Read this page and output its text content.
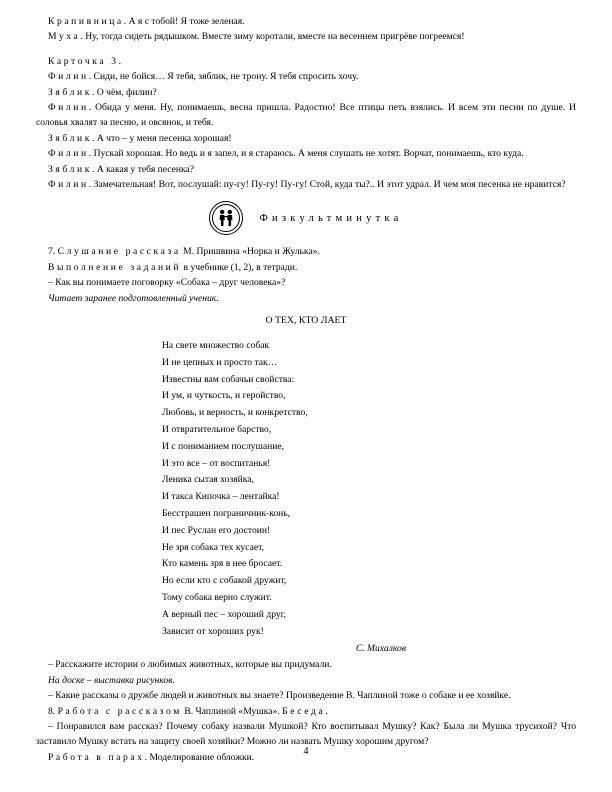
Крапивница. А я с тобой! Я тоже зеленая.

Муха. Ну, тогда сидеть рядышком. Вместе зиму коротали, вместе на весеннем пригрёве погреемся!

Карточка 3.

Филин. Сиди, не бойся… Я тебя, зяблик, не трону. Я тебя спросить хочу.

Зяблик. О чём, филин?

Филин. Обида у меня. Ну, понимаешь, весна пришла. Радостно! Все птицы петь взялись. И всем эти песни по душе. И соловья хвалят за песню, и овсянок, и тебя.

Зяблик. А что – у меня песенка хорошая!

Филин. Пускай хорошая. Но ведь и я запел, и я стараюсь. А меня слушать не хотят. Ворчат, понимаешь, кто куда.

Зяблик. А какая у тебя песенка?

Филин. Замечательная! Вот, послушай: пу-гу! Пу-гу! Пу-гу! Стой, куда ты?.. И этот удрал. И чем моя песенка не нравится?

Физкультминутка

7. Слушание рассказа М. Пришвина «Норка и Жулька».

Выполнение заданий в учебнике (1, 2), в тетради.

– Как вы понимаете поговорку «Собака – друг человека»?

Читает заранее подготовленный ученик.

О ТЕХ, КТО ЛАЕТ

На свете множество собак

И не цепных и просто так…

Известны вам собачьи свойства:

И ум, и чуткость, и геройство,

Любовь, и верность, и конкретство,

И отвратительное барство,

И с пониманием послушание,

И это все – от воспитанья!

Леника сытая хозяйка,

И такса Кипочка – лентайка!

Бесстрашен пограничник-конь,

И пес Руслан его достоин!

Не зря собака тех кусает,

Кто камень зря в нее бросает.

Но если кто с собакой дружит,

Тому собака верно служит.

А верный пес – хороший друг,

Зависит от хороших рук!

С. Михалков

– Расскажите истории о любимых животных, которые вы придумали.

На доске – выставка рисунков.

– Какие рассказы о дружбе людей и животных вы знаете? Произведение В. Чаплиной тоже о собаке и ее хозяйке.

8. Работа с рассказом В. Чаплиной «Мушка». Беседа.

– Понравился вам рассказ? Почему собаку назвали Мушкой? Кто воспитывал Мушку? Как? Была ли Мушка трусихой? Что заставило Мушку встать на защиту своей хозяйки? Можно ли назвать Мушку хорошим другом?

Работа в парах. Моделирование обложки.

4
